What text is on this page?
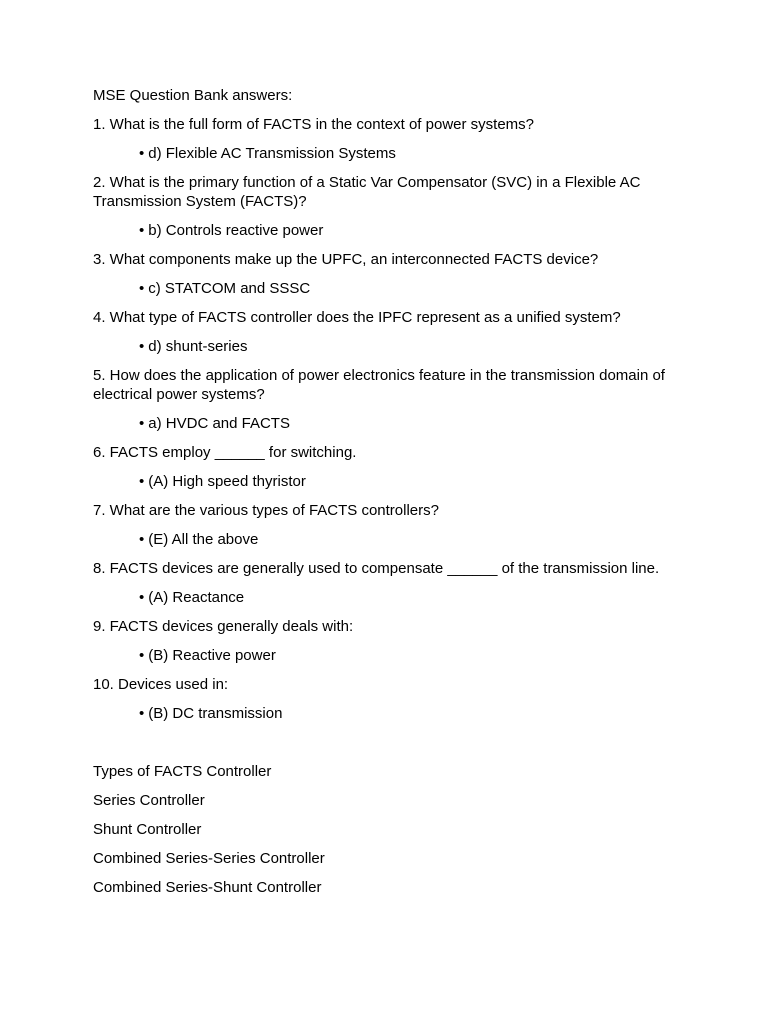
MSE Question Bank answers:

1. What is the full form of FACTS in the context of power systems?

• d) Flexible AC Transmission Systems

2. What is the primary function of a Static Var Compensator (SVC) in a Flexible AC Transmission System (FACTS)?

• b) Controls reactive power

3. What components make up the UPFC, an interconnected FACTS device?

• c) STATCOM and SSSC

4. What type of FACTS controller does the IPFC represent as a unified system?

• d) shunt-series

5. How does the application of power electronics feature in the transmission domain of electrical power systems?

• a) HVDC and FACTS

6. FACTS employ ______ for switching.

• (A) High speed thyristor

7. What are the various types of FACTS controllers?

• (E) All the above

8. FACTS devices are generally used to compensate ______ of the transmission line.

• (A) Reactance

9. FACTS devices generally deals with:

• (B) Reactive power

10. Devices used in:

• (B) DC transmission

Types of FACTS Controller

Series Controller

Shunt Controller

Combined Series-Series Controller

Combined Series-Shunt Controller
